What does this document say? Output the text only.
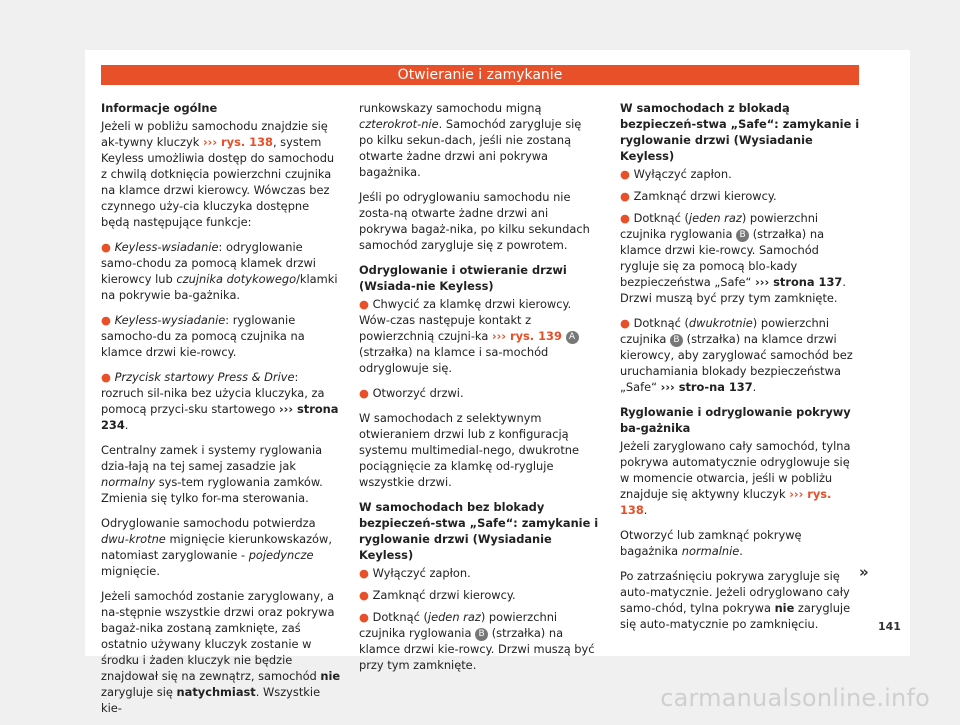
Otwieranie i zamykanie

Informacje ogólne

Jeżeli w pobliżu samochodu znajdzie się ak-tywny kluczyk ››› rys. 138, system Keyless umożliwia dostęp do samochodu z chwilą dotknięcia powierzchni czujnika na klamce drzwi kierowcy. Wówczas bez czynnego uży-cia kluczyka dostępne będą następujące funkcje:

● Keyless-wsiadanie: odryglowanie samo-chodu za pomocą klamek drzwi kierowcy lub czujnika dotykowego/klamki na pokrywie ba-gażnika.

● Keyless-wysiadanie: ryglowanie samocho-du za pomocą czujnika na klamce drzwi kie-rowcy.

● Przycisk startowy Press & Drive: rozruch sil-nika bez użycia kluczyka, za pomocą przyci-sku startowego ››› strona 234.

Centralny zamek i systemy ryglowania dzia-łają na tej samej zasadzie jak normalny sys-tem ryglowania zamków. Zmienia się tylko for-ma sterowania.

Odryglowanie samochodu potwierdza dwu-krotne mignięcie kierunkowskazów, natomiast zaryglowanie - pojedyncze mignięcie.

Jeżeli samochód zostanie zaryglowany, a na-stępnie wszystkie drzwi oraz pokrywa bagaż-nika zostaną zamknięte, zaś ostatnio używany kluczyk zostanie w środku i żaden kluczyk nie będzie znajdował się na zewnątrz, samochód nie zarygluje się natychmiast. Wszystkie kie-

runkowskazy samochodu migną czterokrot-nie. Samochód zarygluje się po kilku sekun-dach, jeśli nie zostaną otwarte żadne drzwi ani pokrywa bagażnika.

Jeśli po odryglowaniu samochodu nie zosta-ną otwarte żadne drzwi ani pokrywa bagaż-nika, po kilku sekundach samochód zarygluje się z powrotem.

Odryglowanie i otwieranie drzwi (Wsiada-nie Keyless)

● Chwycić za klamkę drzwi kierowcy. Wów-czas następuje kontakt z powierzchnią czujni-ka ››› rys. 139 A (strzałka) na klamce i sa-mochód odryglowuje się.

● Otworzyć drzwi.

W samochodach z selektywnym otwieraniem drzwi lub z konfiguracją systemu multimedial-nego, dwukrotne pociągnięcie za klamkę od-rygluje wszystkie drzwi.

W samochodach bez blokady bezpieczeń-stwa „Safe“: zamykanie i ryglowanie drzwi (Wysiadanie Keyless)

● Wyłączyć zapłon.

● Zamknąć drzwi kierowcy.

● Dotknąć (jeden raz) powierzchni czujnika ryglowania B (strzałka) na klamce drzwi kie-rowcy. Drzwi muszą być przy tym zamknięte.

W samochodach z blokadą bezpieczeń-stwa „Safe“: zamykanie i ryglowanie drzwi (Wysiadanie Keyless)

● Wyłączyć zapłon.

● Zamknąć drzwi kierowcy.

● Dotknąć (jeden raz) powierzchni czujnika ryglowania B (strzałka) na klamce drzwi kie-rowcy. Samochód rygluje się za pomocą blo-kady bezpieczeństwa „Safe“ ››› strona 137. Drzwi muszą być przy tym zamknięte.

● Dotknąć (dwukrotnie) powierzchni czujnika B (strzałka) na klamce drzwi kierowcy, aby zaryglować samochód bez uruchamiania blokady bezpieczeństwa „Safe“ ››› stro-na 137.

Ryglowanie i odryglowanie pokrywy ba-gażnika

Jeżeli zaryglowano cały samochód, tylna pokrywa automatycznie odryglowuje się w momencie otwarcia, jeśli w pobliżu znajduje się aktywny kluczyk ››› rys. 138.

Otworzyć lub zamknąć pokrywę bagażnika normalnie.

Po zatrzaśnięciu pokrywa zarygluje się auto-matycznie. Jeżeli odryglowano cały samo-chód, tylna pokrywa nie zarygluje się auto-matycznie po zamknięciu.

»
141
carmanualsonline.info
